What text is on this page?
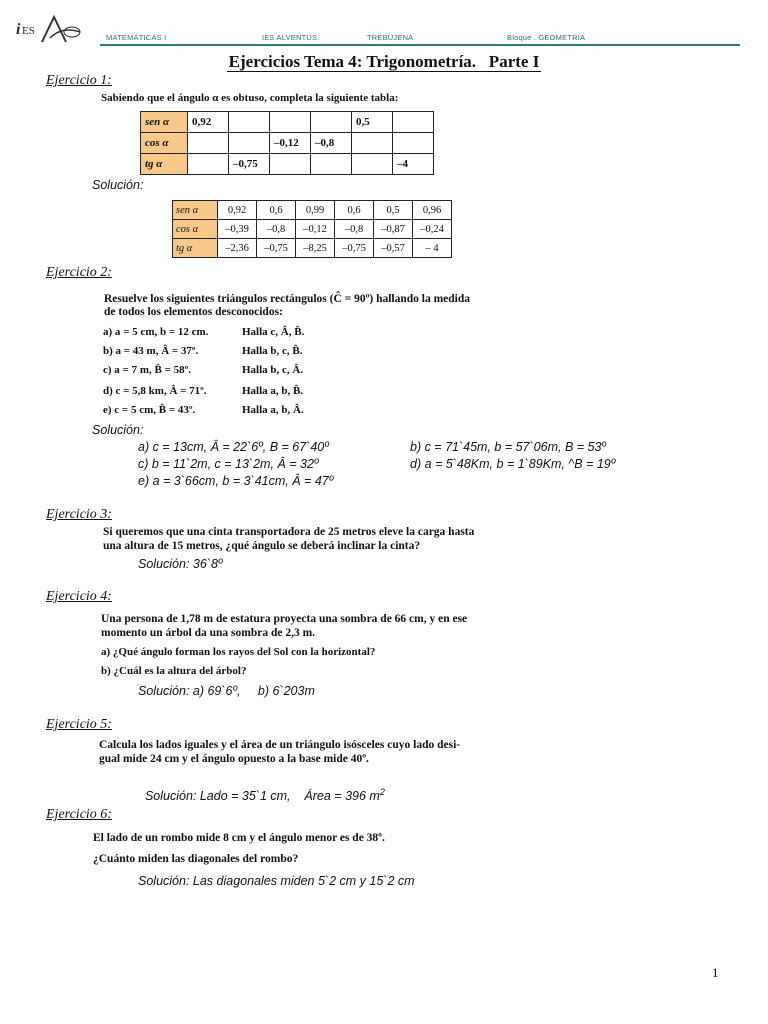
i ES
MATEMÁTICAS I	IES ALVENTUS.	TREBUJENA	Bloque . GEOMETRÍA
Ejercicios Tema 4: Trigonometría.   Parte I
Ejercicio 1:
Sabiendo que el ángulo α es obtuso, completa la siguiente tabla:
sen α	0,92				0,5	
cos α			–0,12	–0,8		
tg α		–0,75				–4
Solución:
sen α	0,92	0,6	0,99	0,6	0,5	0,96
cos α	–0,39	–0,8	–0,12	–0,8	–0,87	–0,24
tg α	–2,36	–0,75	–8,25	–0,75	–0,57	– 4
Ejercicio 2:
Resuelve los siguientes triángulos rectángulos (Ĉ = 90º) hallando la medida
de todos los elementos desconocidos:
a) a = 5 cm, b = 12 cm.	Halla c, Â, B̂.
b) a = 43 m, Â = 37º.	Halla b, c, B̂.
c) a = 7 m, B̂ = 58º.	Halla b, c, Â.
d) c = 5,8 km, Â = 71º.	Halla a, b, B̂.
e) c = 5 cm, B̂ = 43º.	Halla a, b, Â.
Solución:
a) c = 13cm, Â = 22`6º, B = 67`40º	b) c = 71`45m, b = 57`06m, B = 53º
c) b = 11`2m, c = 13`2m, Â = 32º	d) a = 5`48Km, b = 1`89Km, ^B = 19º
e) a = 3`66cm, b = 3`41cm, Â = 47º
Ejercicio 3:
Si queremos que una cinta transportadora de 25 metros eleve la carga hasta
una altura de 15 metros, ¿qué ángulo se deberá inclinar la cinta?
Solución: 36`8º
Ejercicio 4:
Una persona de 1,78 m de estatura proyecta una sombra de 66 cm, y en ese
momento un árbol da una sombra de 2,3 m.
a) ¿Qué ángulo forman los rayos del Sol con la horizontal?
b) ¿Cuál es la altura del árbol?
Solución: a) 69`6º,     b) 6`203m
Ejercicio 5:
Calcula los lados iguales y el área de un triángulo isósceles cuyo lado desi-
gual mide 24 cm y el ángulo opuesto a la base mide 40º.

Solución: Lado = 35`1 cm,    Área = 396 $m^2$

Ejercicio 6:
El lado de un rombo mide 8 cm y el ángulo menor es de 38º.
¿Cuánto miden las diagonales del rombo?
Solución: Las diagonales miden 5`2 cm y 15`2 cm
1
